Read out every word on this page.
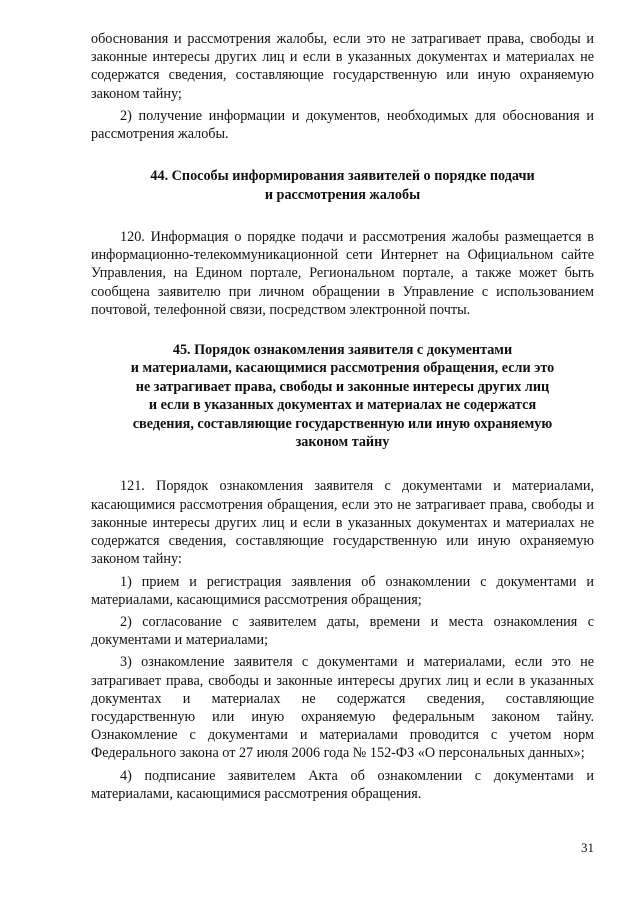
обоснования и рассмотрения жалобы, если это не затрагивает права, свободы и законные интересы других лиц и если в указанных документах и материалах не содержатся сведения, составляющие государственную или иную охраняемую законом тайну;

2) получение информации и документов, необходимых для обоснования и рассмотрения жалобы.

44. Способы информирования заявителей о порядке подачи
и рассмотрения жалобы

120. Информация о порядке подачи и рассмотрения жалобы размещается в информационно-телекоммуникационной сети Интернет на Официальном сайте Управления, на Едином портале, Региональном портале, а также может быть сообщена заявителю при личном обращении в Управление с использованием почтовой, телефонной связи, посредством электронной почты.

45. Порядок ознакомления заявителя с документами
и материалами, касающимися рассмотрения обращения, если это
не затрагивает права, свободы и законные интересы других лиц
и если в указанных документах и материалах не содержатся
сведения, составляющие государственную или иную охраняемую
законом тайну

121. Порядок ознакомления заявителя с документами и материалами, касающимися рассмотрения обращения, если это не затрагивает права, свободы и законные интересы других лиц и если в указанных документах и материалах не содержатся сведения, составляющие государственную или иную охраняемую законом тайну:

1) прием и регистрация заявления об ознакомлении с документами и материалами, касающимися рассмотрения обращения;

2) согласование с заявителем даты, времени и места ознакомления с документами и материалами;

3) ознакомление заявителя с документами и материалами, если это не затрагивает права, свободы и законные интересы других лиц и если в указанных документах и материалах не содержатся сведения, составляющие государственную или иную охраняемую федеральным законом тайну. Ознакомление с документами и материалами проводится с учетом норм Федерального закона от 27 июля 2006 года № 152-ФЗ «О персональных данных»;

4) подписание заявителем Акта об ознакомлении с документами и материалами, касающимися рассмотрения обращения.

31
